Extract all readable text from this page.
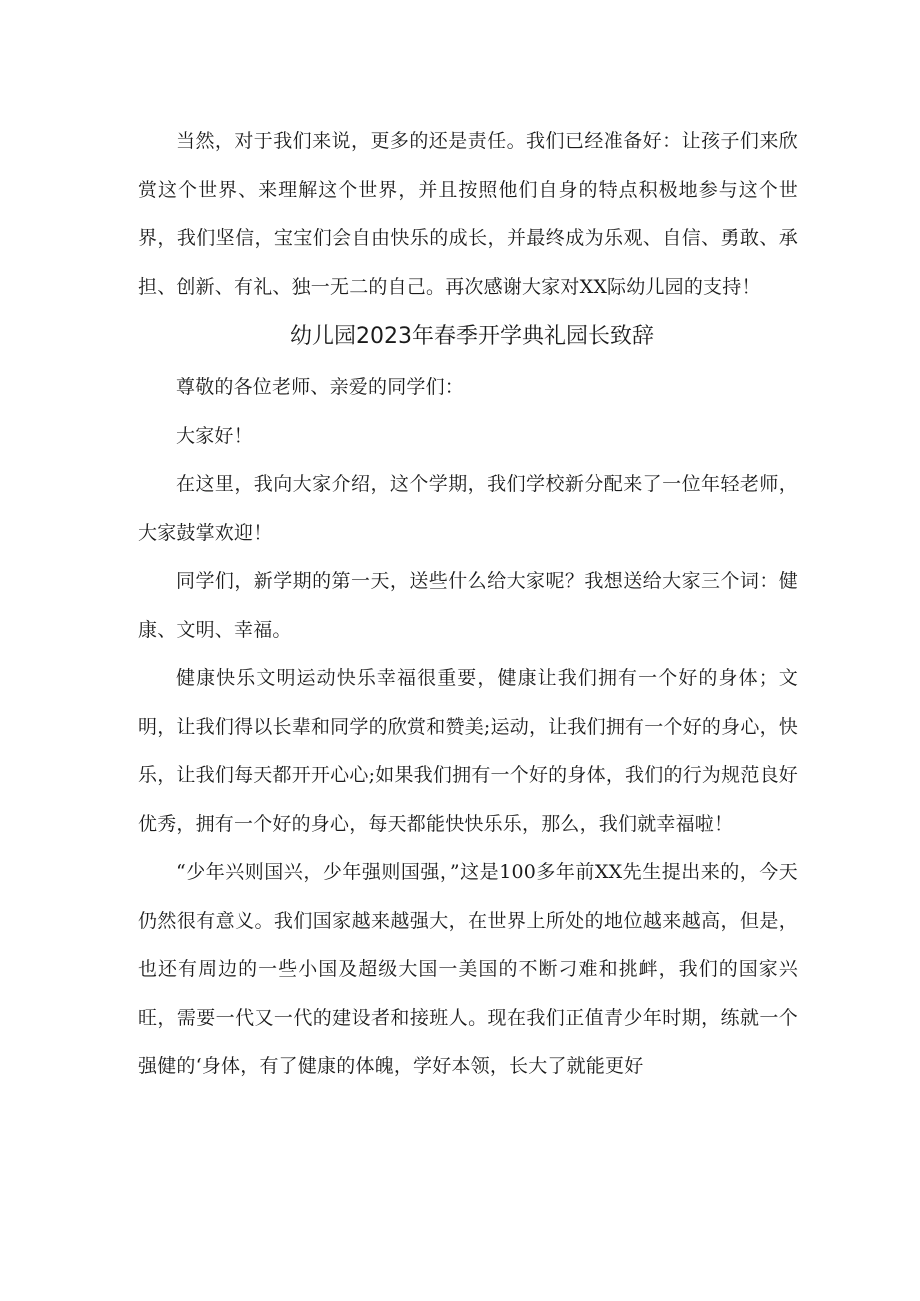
当然，对于我们来说，更多的还是责任。我们已经准备好：让孩子们来欣赏这个世界、来理解这个世界，并且按照他们自身的特点积极地参与这个世界，我们坚信，宝宝们会自由快乐的成长，并最终成为乐观、自信、勇敢、承担、创新、有礼、独一无二的自己。再次感谢大家对XX际幼儿园的支持！

幼儿园2023年春季开学典礼园长致辞

尊敬的各位老师、亲爱的同学们：

大家好！

在这里，我向大家介绍，这个学期，我们学校新分配来了一位年轻老师，大家鼓掌欢迎！

同学们，新学期的第一天，送些什么给大家呢？我想送给大家三个词：健康、文明、幸福。

健康快乐文明运动快乐幸福很重要，健康让我们拥有一个好的身体；文明，让我们得以长辈和同学的欣赏和赞美;运动，让我们拥有一个好的身心，快乐，让我们每天都开开心心;如果我们拥有一个好的身体，我们的行为规范良好优秀，拥有一个好的身心，每天都能快快乐乐，那么，我们就幸福啦！

“少年兴则国兴，少年强则国强，”这是100多年前XX先生提出来的，今天仍然很有意义。我们国家越来越强大，在世界上所处的地位越来越高，但是，也还有周边的一些小国及超级大国一美国的不断刁难和挑衅，我们的国家兴旺，需要一代又一代的建设者和接班人。现在我们正值青少年时期，练就一个强健的‘身体，有了健康的体魄，学好本领，长大了就能更好
